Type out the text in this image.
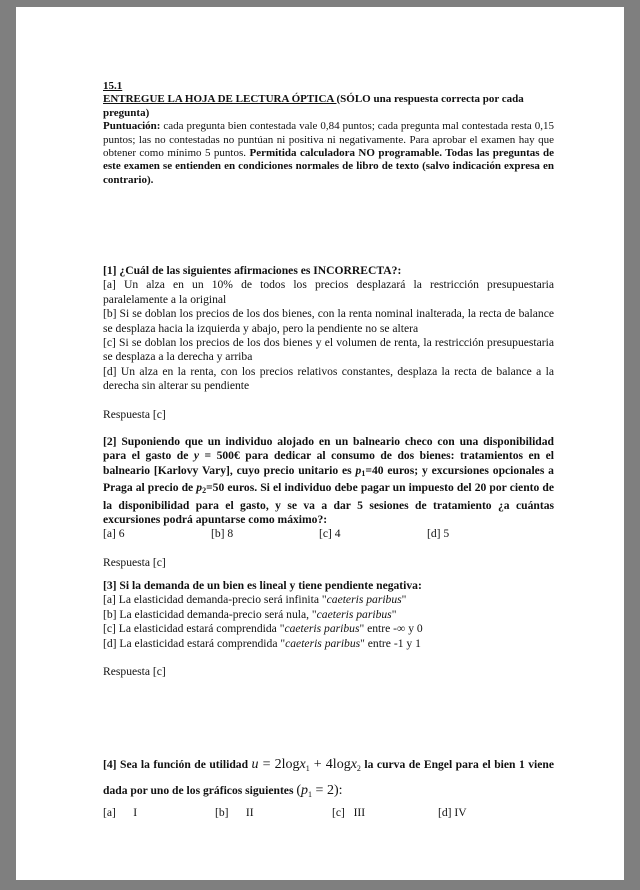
15.1

ENTREGUE LA HOJA DE LECTURA ÓPTICA (SÓLO una respuesta correcta por cada pregunta)

Puntuación: cada pregunta bien contestada vale 0,84 puntos; cada pregunta mal contestada resta 0,15 puntos; las no contestadas no puntúan ni positiva ni negativamente. Para aprobar el examen hay que obtener como mínimo 5 puntos. Permitida calculadora NO programable. Todas las preguntas de este examen se entienden en condiciones normales de libro de texto (salvo indicación expresa en contrario).

[1] ¿Cuál de las siguientes afirmaciones es INCORRECTA?:

[a] Un alza en un 10% de todos los precios desplazará la restricción presupuestaria paralelamente a la original

[b] Si se doblan los precios de los dos bienes, con la renta nominal inalterada, la recta de balance se desplaza hacia la izquierda y abajo, pero la pendiente no se altera

[c] Si se doblan los precios de los dos bienes y el volumen de renta, la restricción presupuestaria se desplaza a la derecha y arriba

[d] Un alza en la renta, con los precios relativos constantes, desplaza la recta de balance a la derecha sin alterar su pendiente

Respuesta [c]

[2] Suponiendo que un individuo alojado en un balneario checo con una disponibilidad para el gasto de y = 500€ para dedicar al consumo de dos bienes: tratamientos en el balneario [Karlovy Vary], cuyo precio unitario es $p_1=40$ euros; y excursiones opcionales a Praga al precio de $p_2=50$ euros. Si el individuo debe pagar un impuesto del 20 por ciento de la disponibilidad para el gasto, y se va a dar 5 sesiones de tratamiento ¿a cuántas excursiones podrá apuntarse como máximo?:

[a] 6	[b] 8	[c] 4	[d] 5

Respuesta [c]

[3] Si la demanda de un bien es lineal y tiene pendiente negativa:

[a] La elasticidad demanda-precio será infinita "caeteris paribus"

[b] La elasticidad demanda-precio será nula, "caeteris paribus"

[c] La elasticidad estará comprendida "caeteris paribus" entre -∞ y 0

[d] La elasticidad estará comprendida "caeteris paribus" entre -1 y 1

Respuesta [c]

[4] Sea la función de utilidad u = 2logx$_1$ + 4logx$_2$ la curva de Engel para el bien 1 viene dada por uno de los gráficos siguientes $(p_1 = 2)$:

[a]      I	[b]      II	[c]   III	[d] IV
